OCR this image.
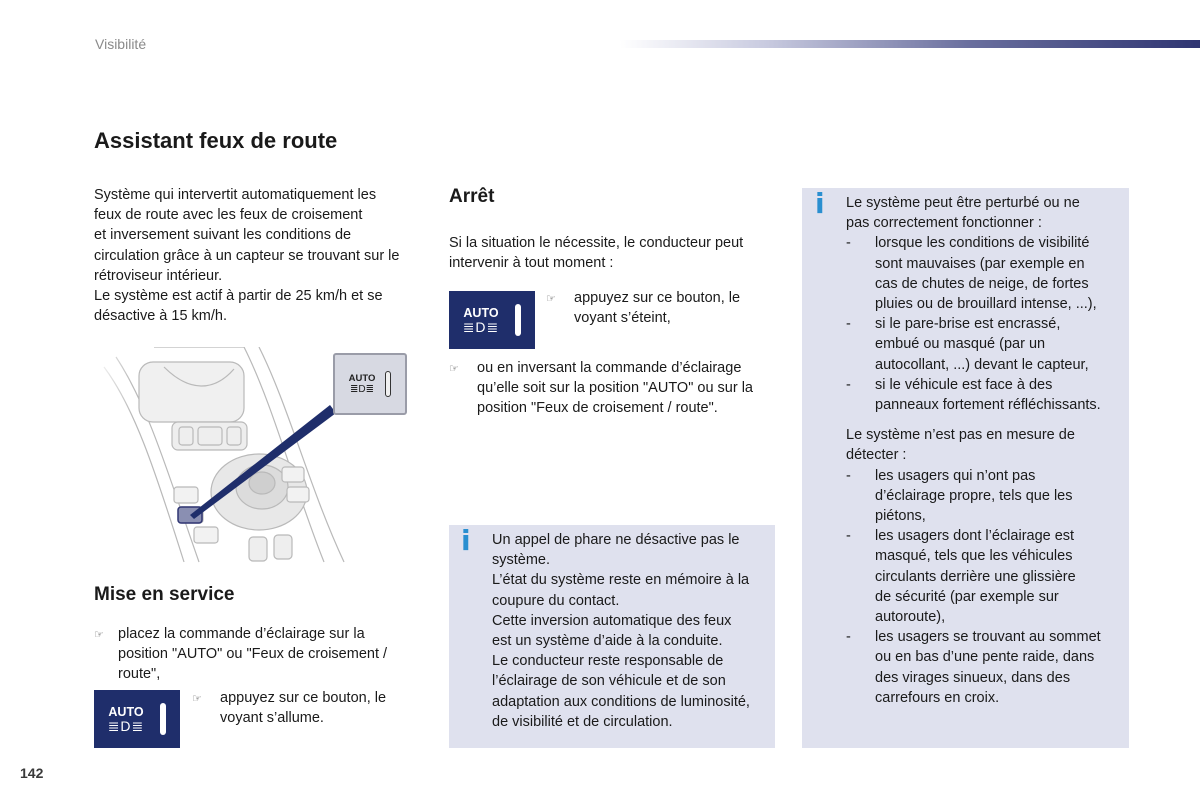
Visibilité
Assistant feux de route
Système qui intervertit automatiquement les
feux de route avec les feux de croisement
et inversement suivant les conditions de
circulation grâce à un capteur se trouvant sur le
rétroviseur intérieur.
Le système est actif à partir de 25 km/h et se
désactive à 15 km/h.
AUTO
≣D≣
Mise en service
☞ placez la commande d’éclairage sur la
position "AUTO" ou "Feux de croisement /
route",
AUTO
≣D≣
☞	appuyez sur ce bouton, le
voyant s’allume.
Arrêt
Si la situation le nécessite, le conducteur peut
intervenir à tout moment :
AUTO
≣D≣
☞	appuyez sur ce bouton, le
voyant s’éteint,
☞	ou en inversant la commande d’éclairage
qu’elle soit sur la position "AUTO" ou sur la
position "Feux de croisement / route".
i Un appel de phare ne désactive pas le
système.
L’état du système reste en mémoire à la
coupure du contact.
Cette inversion automatique des feux
est un système d’aide à la conduite.
Le conducteur reste responsable de
l’éclairage de son véhicule et de son
adaptation aux conditions de luminosité,
de visibilité et de circulation.
i Le système peut être perturbé ou ne
pas correctement fonctionner :
-	lorsque les conditions de visibilité
sont mauvaises (par exemple en
cas de chutes de neige, de fortes
pluies ou de brouillard intense, ...),
-	si le pare-brise est encrassé,
embué ou masqué (par un
autocollant, ...) devant le capteur,
-	si le véhicule est face à des
panneaux fortement réfléchissants.
Le système n’est pas en mesure de
détecter :
-	les usagers qui n’ont pas
d’éclairage propre, tels que les
piétons,
-	les usagers dont l’éclairage est
masqué, tels que les véhicules
circulants derrière une glissière
de sécurité (par exemple sur
autoroute),
-	les usagers se trouvant au sommet
ou en bas d’une pente raide, dans
des virages sinueux, dans des
carrefours en croix.
142
